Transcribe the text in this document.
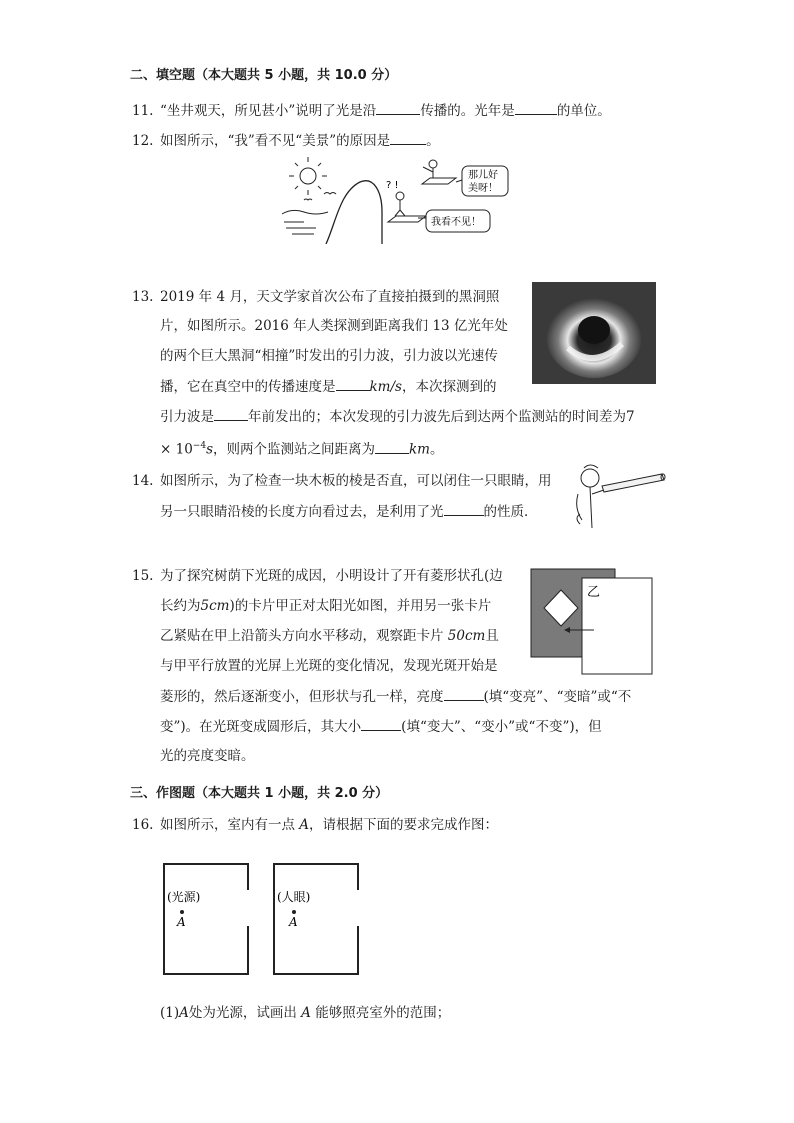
二、填空题（本大题共 5 小题，共 10.0 分）
11. “坐井观天，所见甚小”说明了光是沿	传播的。光年是	的单位。
12. 如图所示，“我”看不见“美景”的原因是	。
? !
那儿好
美呀！
我看不见！
13. 2019 年 4 月，天文学家首次公布了直接拍摄到的黑洞照
片，如图所示。2016 年人类探测到距离我们 13 亿光年处
的两个巨大黑洞“相撞”时发出的引力波，引力波以光速传
播，它在真空中的传播速度是	km/s，本次探测到的
引力波是	年前发出的；本次发现的引力波先后到达两个监测站的时间差为7
× $10^{-4}s$，则两个监测站之间距离为	km。
14. 如图所示，为了检查一块木板的棱是否直，可以闭住一只眼睛，用
另一只眼睛沿棱的长度方向看过去，是利用了光	的性质．
15. 为了探究树荫下光斑的成因，小明设计了开有菱形状孔(边
长约为5cm)的卡片甲正对太阳光如图，并用另一张卡片
乙紧贴在甲上沿箭头方向水平移动，观察距卡片 50cm且
与甲平行放置的光屏上光斑的变化情况，发现光斑开始是
菱形的，然后逐渐变小，但形状与孔一样，亮度	(填“变亮”、“变暗”或“不
变”)。在光斑变成圆形后，其大小	(填“变大”、“变小”或“不变”)，但
光的亮度变暗。
乙
三、作图题（本大题共 1 小题，共 2.0 分）
16. 如图所示，室内有一点 A，请根据下面的要求完成作图：
(光源)
A
(人眼)
A
(1)A处为光源，试画出 A 能够照亮室外的范围；
